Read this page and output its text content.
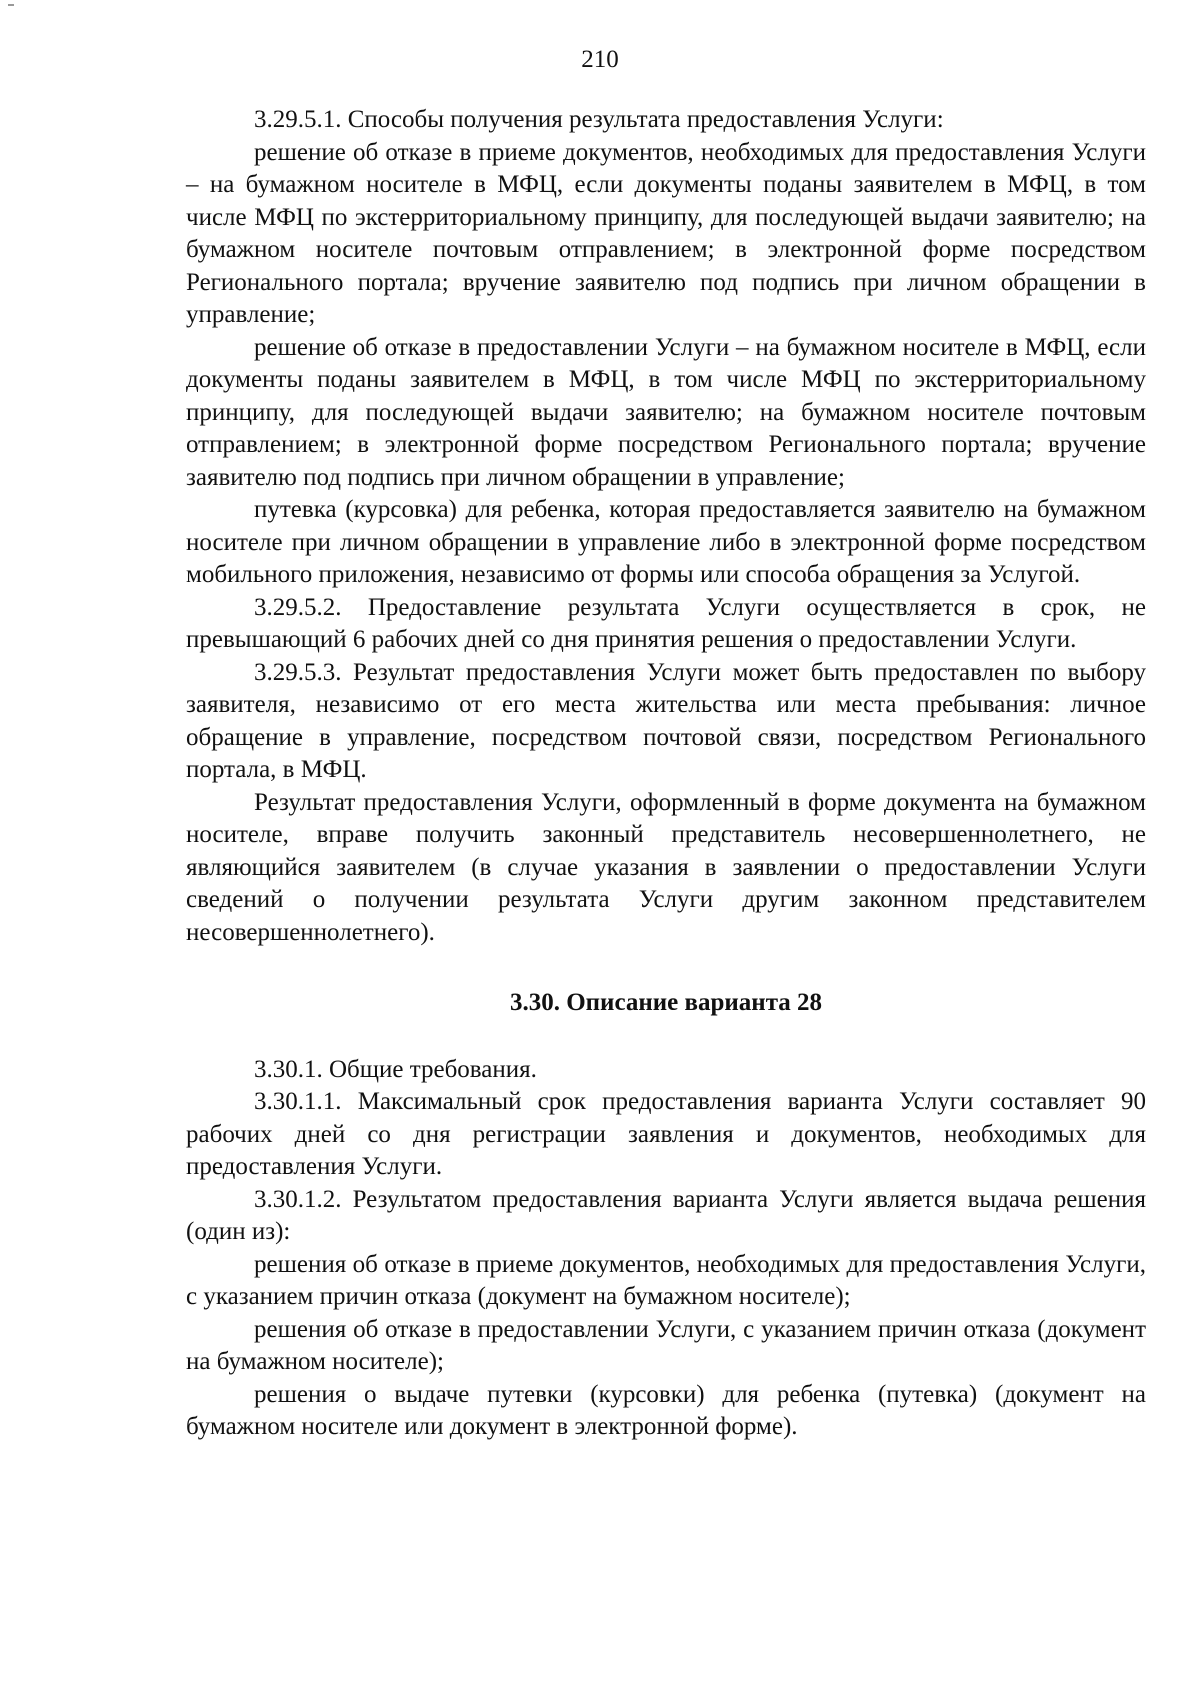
210

3.29.5.1. Способы получения результата предоставления Услуги:

решение об отказе в приеме документов, необходимых для предоставления Услуги – на бумажном носителе в МФЦ, если документы поданы заявителем в МФЦ, в том числе МФЦ по экстерриториальному принципу, для последующей выдачи заявителю; на бумажном носителе почтовым отправлением; в электронной форме посредством Регионального портала; вручение заявителю под подпись при личном обращении в управление;

решение об отказе в предоставлении Услуги – на бумажном носителе в МФЦ, если документы поданы заявителем в МФЦ, в том числе МФЦ по экстерриториальному принципу, для последующей выдачи заявителю; на бумажном носителе почтовым отправлением; в электронной форме посредством Регионального портала; вручение заявителю под подпись при личном обращении в управление;

путевка (курсовка) для ребенка, которая предоставляется заявителю на бумажном носителе при личном обращении в управление либо в электронной форме посредством мобильного приложения, независимо от формы или способа обращения за Услугой.

3.29.5.2. Предоставление результата Услуги осуществляется в срок, не превышающий 6 рабочих дней со дня принятия решения о предоставлении Услуги.

3.29.5.3. Результат предоставления Услуги может быть предоставлен по выбору заявителя, независимо от его места жительства или места пребывания: личное обращение в управление, посредством почтовой связи, посредством Регионального портала, в МФЦ.

Результат предоставления Услуги, оформленный в форме документа на бумажном носителе, вправе получить законный представитель несовершеннолетнего, не являющийся заявителем (в случае указания в заявлении о предоставлении Услуги сведений о получении результата Услуги другим законном представителем несовершеннолетнего).

3.30. Описание варианта 28

3.30.1. Общие требования.

3.30.1.1. Максимальный срок предоставления варианта Услуги составляет 90 рабочих дней со дня регистрации заявления и документов, необходимых для предоставления Услуги.

3.30.1.2. Результатом предоставления варианта Услуги является выдача решения (один из):

решения об отказе в приеме документов, необходимых для предоставления Услуги, с указанием причин отказа (документ на бумажном носителе);

решения об отказе в предоставлении Услуги, с указанием причин отказа (документ на бумажном носителе);

решения о выдаче путевки (курсовки) для ребенка (путевка) (документ на бумажном носителе или документ в электронной форме).
